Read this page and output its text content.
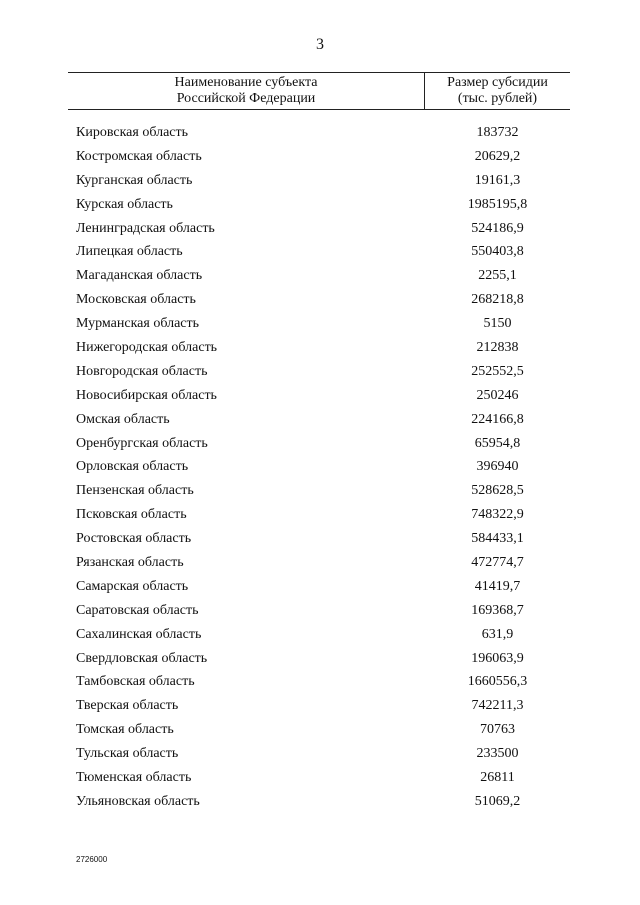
3
Наименование субъекта
Российской Федерации
Размер субсидии
(тыс. рублей)
Кировская область	183732
Костромская область	20629,2
Курганская область	19161,3
Курская область	1985195,8
Ленинградская область	524186,9
Липецкая область	550403,8
Магаданская область	2255,1
Московская область	268218,8
Мурманская область	5150
Нижегородская область	212838
Новгородская область	252552,5
Новосибирская область	250246
Омская область	224166,8
Оренбургская область	65954,8
Орловская область	396940
Пензенская область	528628,5
Псковская область	748322,9
Ростовская область	584433,1
Рязанская область	472774,7
Самарская область	41419,7
Саратовская область	169368,7
Сахалинская область	631,9
Свердловская область	196063,9
Тамбовская область	1660556,3
Тверская область	742211,3
Томская область	70763
Тульская область	233500
Тюменская область	26811
Ульяновская область	51069,2
2726000
